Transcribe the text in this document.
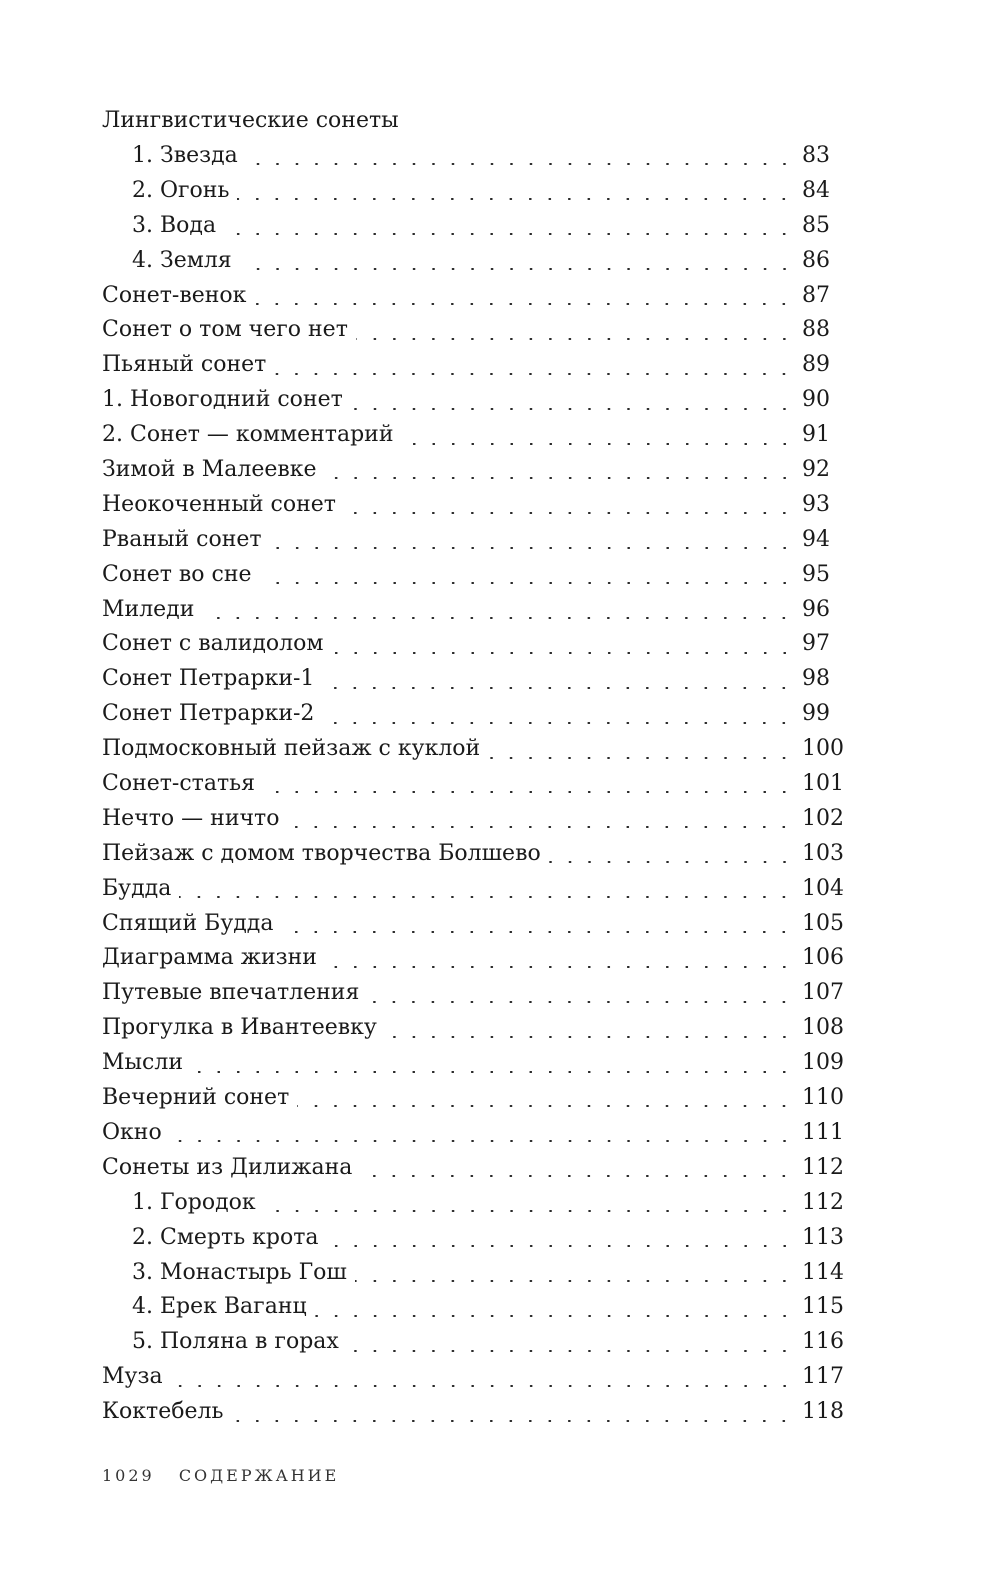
Лингвистические сонеты
1. Звезда	83
2. Огонь	84
3. Вода	85
4. Земля	86
Сонет-венок	87
Сонет о том чего нет	88
Пьяный сонет	89
1. Новогодний сонет	90
2. Сонет — комментарий	91
Зимой в Малеевке	92
Неокоченный сонет	93
Рваный сонет	94
Сонет во сне	95
Миледи	96
Сонет с валидолом	97
Сонет Петрарки-1	98
Сонет Петрарки-2	99
Подмосковный пейзаж с куклой	100
Сонет-статья	101
Нечто — ничто	102
Пейзаж с домом творчества Болшево	103
Будда	104
Спящий Будда	105
Диаграмма жизни	106
Путевые впечатления	107
Прогулка в Ивантеевку	108
Мысли	109
Вечерний сонет	110
Окно	111
Сонеты из Дилижана	112
1. Городок	112
2. Смерть крота	113
3. Монастырь Гош	114
4. Ерек Ваганц	115
5. Поляна в горах	116
Муза	117
Коктебель	118
1029 СОДЕРЖАНИЕ
